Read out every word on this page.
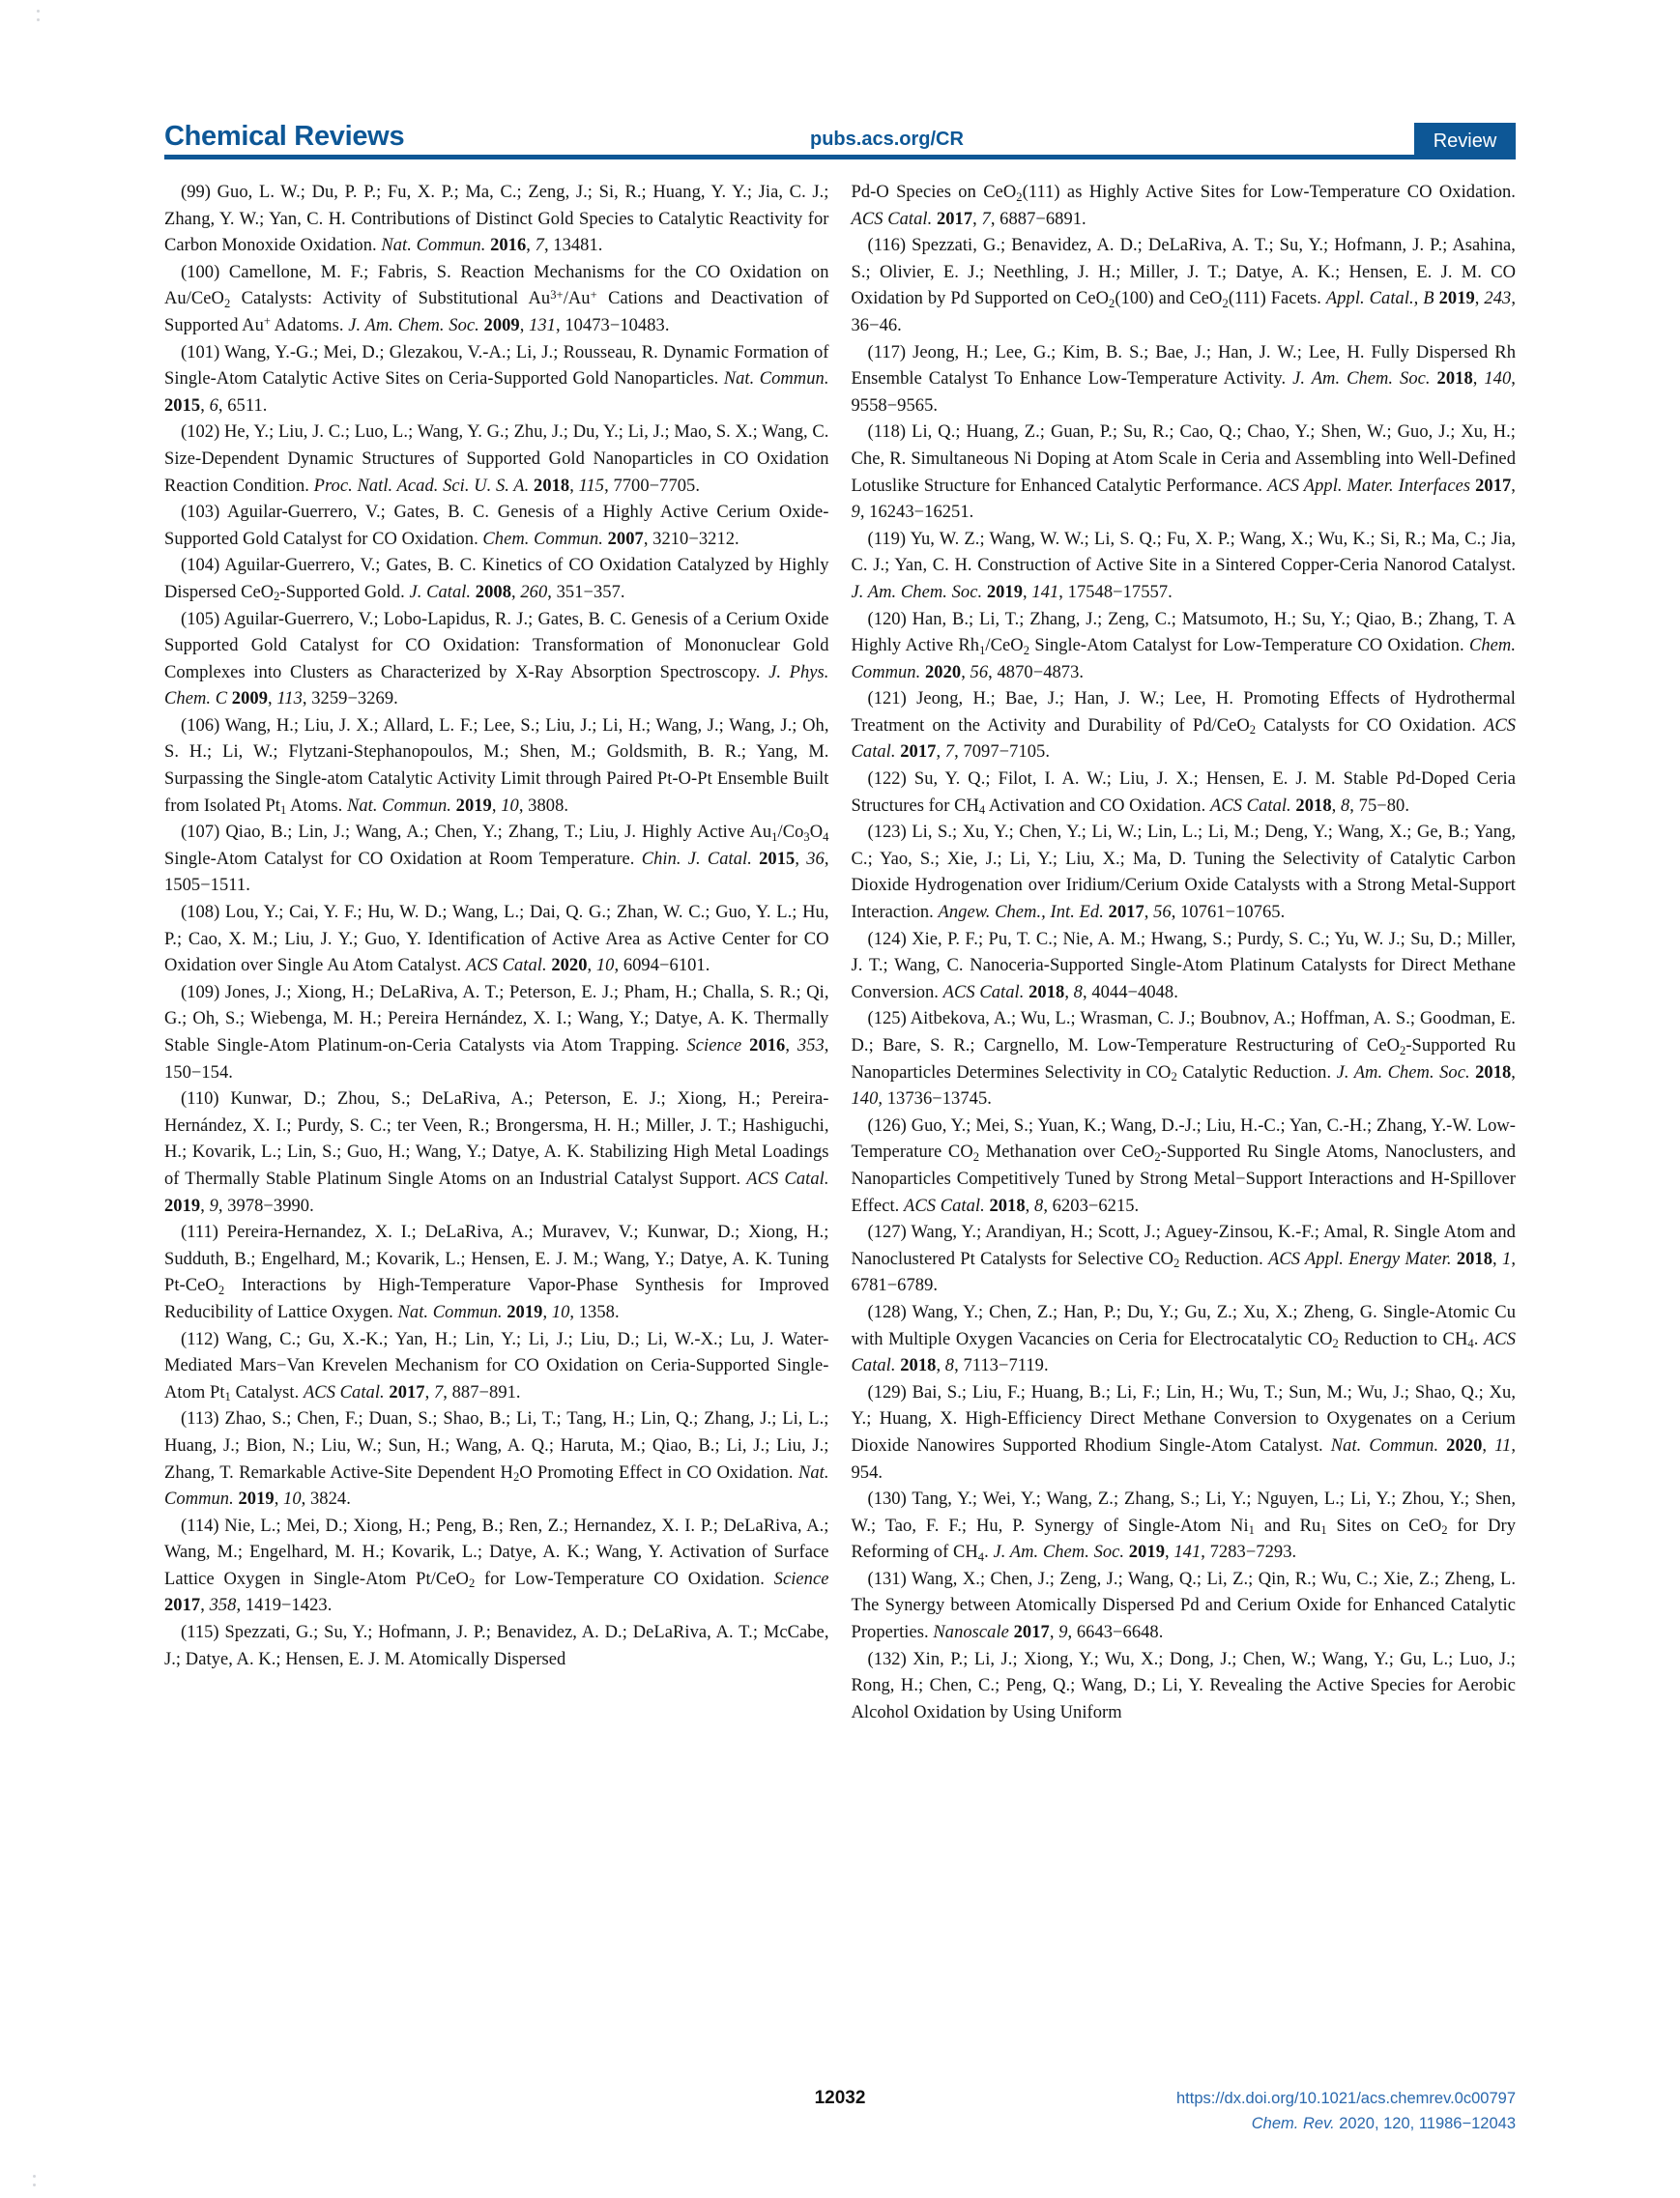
Chemical Reviews	pubs.acs.org/CR	Review

(99) Guo, L. W.; Du, P. P.; Fu, X. P.; Ma, C.; Zeng, J.; Si, R.; Huang, Y. Y.; Jia, C. J.; Zhang, Y. W.; Yan, C. H. Contributions of Distinct Gold Species to Catalytic Reactivity for Carbon Monoxide Oxidation. Nat. Commun. 2016, 7, 13481.

(100) Camellone, M. F.; Fabris, S. Reaction Mechanisms for the CO Oxidation on Au/CeO$_2$ Catalysts: Activity of Substitutional $Au^{3+}/Au^+$ Cations and Deactivation of Supported Au+ Adatoms. J. Am. Chem. Soc. 2009, 131, 10473−10483.

(101) Wang, Y.-G.; Mei, D.; Glezakou, V.-A.; Li, J.; Rousseau, R. Dynamic Formation of Single-Atom Catalytic Active Sites on Ceria-Supported Gold Nanoparticles. Nat. Commun. 2015, 6, 6511.

(102) He, Y.; Liu, J. C.; Luo, L.; Wang, Y. G.; Zhu, J.; Du, Y.; Li, J.; Mao, S. X.; Wang, C. Size-Dependent Dynamic Structures of Supported Gold Nanoparticles in CO Oxidation Reaction Condition. Proc. Natl. Acad. Sci. U. S. A. 2018, 115, 7700−7705.

(103) Aguilar-Guerrero, V.; Gates, B. C. Genesis of a Highly Active Cerium Oxide-Supported Gold Catalyst for CO Oxidation. Chem. Commun. 2007, 3210−3212.

(104) Aguilar-Guerrero, V.; Gates, B. C. Kinetics of CO Oxidation Catalyzed by Highly Dispersed CeO$_2$-Supported Gold. J. Catal. 2008, 260, 351−357.

(105) Aguilar-Guerrero, V.; Lobo-Lapidus, R. J.; Gates, B. C. Genesis of a Cerium Oxide Supported Gold Catalyst for CO Oxidation: Transformation of Mononuclear Gold Complexes into Clusters as Characterized by X-Ray Absorption Spectroscopy. J. Phys. Chem. C 2009, 113, 3259−3269.

(106) Wang, H.; Liu, J. X.; Allard, L. F.; Lee, S.; Liu, J.; Li, H.; Wang, J.; Wang, J.; Oh, S. H.; Li, W.; Flytzani-Stephanopoulos, M.; Shen, M.; Goldsmith, B. R.; Yang, M. Surpassing the Single-atom Catalytic Activity Limit through Paired Pt-O-Pt Ensemble Built from Isolated $Pt_1$ Atoms. Nat. Commun. 2019, 10, 3808.

(107) Qiao, B.; Lin, J.; Wang, A.; Chen, Y.; Zhang, T.; Liu, J. Highly Active $Au_1/Co_3O_4$ Single-Atom Catalyst for CO Oxidation at Room Temperature. Chin. J. Catal. 2015, 36, 1505−1511.

(108) Lou, Y.; Cai, Y. F.; Hu, W. D.; Wang, L.; Dai, Q. G.; Zhan, W. C.; Guo, Y. L.; Hu, P.; Cao, X. M.; Liu, J. Y.; Guo, Y. Identification of Active Area as Active Center for CO Oxidation over Single Au Atom Catalyst. ACS Catal. 2020, 10, 6094−6101.

(109) Jones, J.; Xiong, H.; DeLaRiva, A. T.; Peterson, E. J.; Pham, H.; Challa, S. R.; Qi, G.; Oh, S.; Wiebenga, M. H.; Pereira Hernández, X. I.; Wang, Y.; Datye, A. K. Thermally Stable Single-Atom Platinum-on-Ceria Catalysts via Atom Trapping. Science 2016, 353, 150−154.

(110) Kunwar, D.; Zhou, S.; DeLaRiva, A.; Peterson, E. J.; Xiong, H.; Pereira-Hernández, X. I.; Purdy, S. C.; ter Veen, R.; Brongersma, H. H.; Miller, J. T.; Hashiguchi, H.; Kovarik, L.; Lin, S.; Guo, H.; Wang, Y.; Datye, A. K. Stabilizing High Metal Loadings of Thermally Stable Platinum Single Atoms on an Industrial Catalyst Support. ACS Catal. 2019, 9, 3978−3990.

(111) Pereira-Hernandez, X. I.; DeLaRiva, A.; Muravev, V.; Kunwar, D.; Xiong, H.; Sudduth, B.; Engelhard, M.; Kovarik, L.; Hensen, E. J. M.; Wang, Y.; Datye, A. K. Tuning Pt-CeO$_2$ Interactions by High-Temperature Vapor-Phase Synthesis for Improved Reducibility of Lattice Oxygen. Nat. Commun. 2019, 10, 1358.

(112) Wang, C.; Gu, X.-K.; Yan, H.; Lin, Y.; Li, J.; Liu, D.; Li, W.-X.; Lu, J. Water-Mediated Mars−Van Krevelen Mechanism for CO Oxidation on Ceria-Supported Single-Atom $Pt_1$ Catalyst. ACS Catal. 2017, 7, 887−891.

(113) Zhao, S.; Chen, F.; Duan, S.; Shao, B.; Li, T.; Tang, H.; Lin, Q.; Zhang, J.; Li, L.; Huang, J.; Bion, N.; Liu, W.; Sun, H.; Wang, A. Q.; Haruta, M.; Qiao, B.; Li, J.; Liu, J.; Zhang, T. Remarkable Active-Site Dependent $H_2O$ Promoting Effect in CO Oxidation. Nat. Commun. 2019, 10, 3824.

(114) Nie, L.; Mei, D.; Xiong, H.; Peng, B.; Ren, Z.; Hernandez, X. I. P.; DeLaRiva, A.; Wang, M.; Engelhard, M. H.; Kovarik, L.; Datye, A. K.; Wang, Y. Activation of Surface Lattice Oxygen in Single-Atom Pt/CeO$_2$ for Low-Temperature CO Oxidation. Science 2017, 358, 1419−1423.

(115) Spezzati, G.; Su, Y.; Hofmann, J. P.; Benavidez, A. D.; DeLaRiva, A. T.; McCabe, J.; Datye, A. K.; Hensen, E. J. M. Atomically Dispersed

Pd-O Species on CeO$_2$(111) as Highly Active Sites for Low-Temperature CO Oxidation. ACS Catal. 2017, 7, 6887−6891.

(116) Spezzati, G.; Benavidez, A. D.; DeLaRiva, A. T.; Su, Y.; Hofmann, J. P.; Asahina, S.; Olivier, E. J.; Neethling, J. H.; Miller, J. T.; Datye, A. K.; Hensen, E. J. M. CO Oxidation by Pd Supported on CeO$_2$(100) and CeO$_2$(111) Facets. Appl. Catal., B 2019, 243, 36−46.

(117) Jeong, H.; Lee, G.; Kim, B. S.; Bae, J.; Han, J. W.; Lee, H. Fully Dispersed Rh Ensemble Catalyst To Enhance Low-Temperature Activity. J. Am. Chem. Soc. 2018, 140, 9558−9565.

(118) Li, Q.; Huang, Z.; Guan, P.; Su, R.; Cao, Q.; Chao, Y.; Shen, W.; Guo, J.; Xu, H.; Che, R. Simultaneous Ni Doping at Atom Scale in Ceria and Assembling into Well-Defined Lotuslike Structure for Enhanced Catalytic Performance. ACS Appl. Mater. Interfaces 2017, 9, 16243−16251.

(119) Yu, W. Z.; Wang, W. W.; Li, S. Q.; Fu, X. P.; Wang, X.; Wu, K.; Si, R.; Ma, C.; Jia, C. J.; Yan, C. H. Construction of Active Site in a Sintered Copper-Ceria Nanorod Catalyst. J. Am. Chem. Soc. 2019, 141, 17548−17557.

(120) Han, B.; Li, T.; Zhang, J.; Zeng, C.; Matsumoto, H.; Su, Y.; Qiao, B.; Zhang, T. A Highly Active $Rh_1/CeO_2$ Single-Atom Catalyst for Low-Temperature CO Oxidation. Chem. Commun. 2020, 56, 4870−4873.

(121) Jeong, H.; Bae, J.; Han, J. W.; Lee, H. Promoting Effects of Hydrothermal Treatment on the Activity and Durability of Pd/CeO$_2$ Catalysts for CO Oxidation. ACS Catal. 2017, 7, 7097−7105.

(122) Su, Y. Q.; Filot, I. A. W.; Liu, J. X.; Hensen, E. J. M. Stable Pd-Doped Ceria Structures for $CH_4$ Activation and CO Oxidation. ACS Catal. 2018, 8, 75−80.

(123) Li, S.; Xu, Y.; Chen, Y.; Li, W.; Lin, L.; Li, M.; Deng, Y.; Wang, X.; Ge, B.; Yang, C.; Yao, S.; Xie, J.; Li, Y.; Liu, X.; Ma, D. Tuning the Selectivity of Catalytic Carbon Dioxide Hydrogenation over Iridium/Cerium Oxide Catalysts with a Strong Metal-Support Interaction. Angew. Chem., Int. Ed. 2017, 56, 10761−10765.

(124) Xie, P. F.; Pu, T. C.; Nie, A. M.; Hwang, S.; Purdy, S. C.; Yu, W. J.; Su, D.; Miller, J. T.; Wang, C. Nanoceria-Supported Single-Atom Platinum Catalysts for Direct Methane Conversion. ACS Catal. 2018, 8, 4044−4048.

(125) Aitbekova, A.; Wu, L.; Wrasman, C. J.; Boubnov, A.; Hoffman, A. S.; Goodman, E. D.; Bare, S. R.; Cargnello, M. Low-Temperature Restructuring of CeO$_2$-Supported Ru Nanoparticles Determines Selectivity in $CO_2$ Catalytic Reduction. J. Am. Chem. Soc. 2018, 140, 13736−13745.

(126) Guo, Y.; Mei, S.; Yuan, K.; Wang, D.-J.; Liu, H.-C.; Yan, C.-H.; Zhang, Y.-W. Low-Temperature $CO_2$ Methanation over CeO$_2$-Supported Ru Single Atoms, Nanoclusters, and Nanoparticles Competitively Tuned by Strong Metal−Support Interactions and H-Spillover Effect. ACS Catal. 2018, 8, 6203−6215.

(127) Wang, Y.; Arandiyan, H.; Scott, J.; Aguey-Zinsou, K.-F.; Amal, R. Single Atom and Nanoclustered Pt Catalysts for Selective $CO_2$ Reduction. ACS Appl. Energy Mater. 2018, 1, 6781−6789.

(128) Wang, Y.; Chen, Z.; Han, P.; Du, Y.; Gu, Z.; Xu, X.; Zheng, G. Single-Atomic Cu with Multiple Oxygen Vacancies on Ceria for Electrocatalytic $CO_2$ Reduction to $CH_4$. ACS Catal. 2018, 8, 7113−7119.

(129) Bai, S.; Liu, F.; Huang, B.; Li, F.; Lin, H.; Wu, T.; Sun, M.; Wu, J.; Shao, Q.; Xu, Y.; Huang, X. High-Efficiency Direct Methane Conversion to Oxygenates on a Cerium Dioxide Nanowires Supported Rhodium Single-Atom Catalyst. Nat. Commun. 2020, 11, 954.

(130) Tang, Y.; Wei, Y.; Wang, Z.; Zhang, S.; Li, Y.; Nguyen, L.; Li, Y.; Zhou, Y.; Shen, W.; Tao, F. F.; Hu, P. Synergy of Single-Atom $Ni_1$ and $Ru_1$ Sites on CeO$_2$ for Dry Reforming of $CH_4$. J. Am. Chem. Soc. 2019, 141, 7283−7293.

(131) Wang, X.; Chen, J.; Zeng, J.; Wang, Q.; Li, Z.; Qin, R.; Wu, C.; Xie, Z.; Zheng, L. The Synergy between Atomically Dispersed Pd and Cerium Oxide for Enhanced Catalytic Properties. Nanoscale 2017, 9, 6643−6648.

(132) Xin, P.; Li, J.; Xiong, Y.; Wu, X.; Dong, J.; Chen, W.; Wang, Y.; Gu, L.; Luo, J.; Rong, H.; Chen, C.; Peng, Q.; Wang, D.; Li, Y. Revealing the Active Species for Aerobic Alcohol Oxidation by Using Uniform

12032	https://dx.doi.org/10.1021/acs.chemrev.0c00797
Chem. Rev. 2020, 120, 11986−12043
